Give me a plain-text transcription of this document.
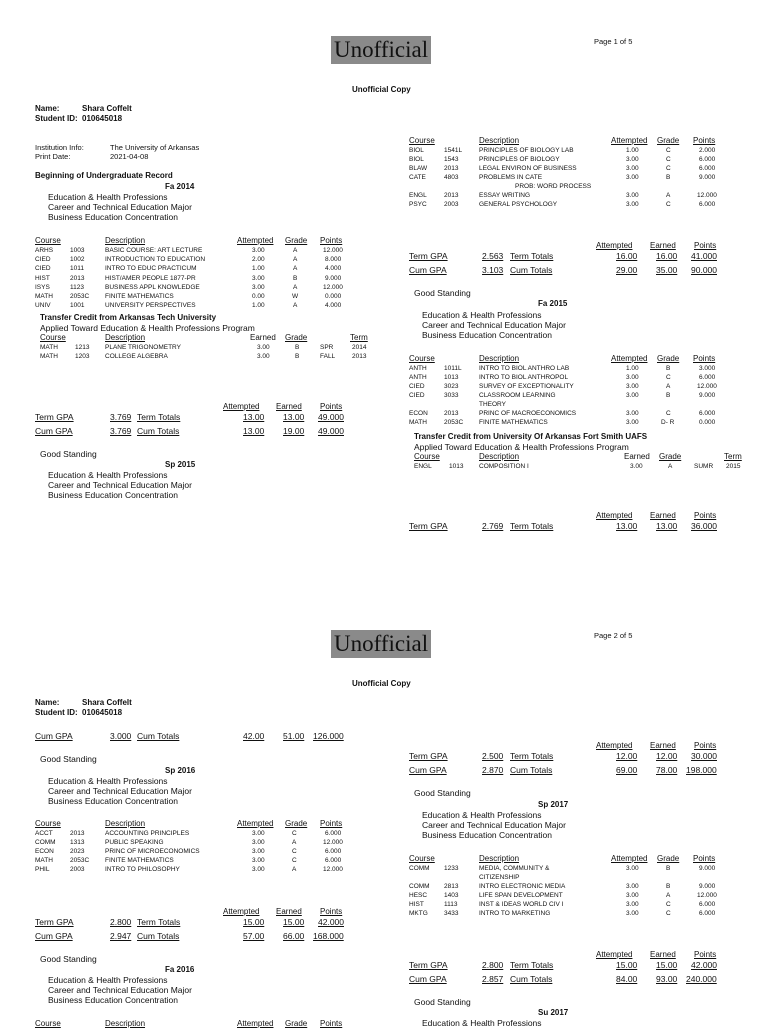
Unofficial	Page 1 of 5
Unofficial Copy
Name:	Shara Coffelt
Student ID: 010645018
Institution Info:	The University of Arkansas
Print Date:	2021-04-08
Beginning of Undergraduate Record
Fa 2014
Education & Health Professions
Career and Technical Education Major
Business Education Concentration
Course	Description	Attempted Grade Points
ARHS	1003	BASIC COURSE: ART LECTURE	3.00	A	12.000
CIED	1002	INTRODUCTION TO EDUCATION	2.00	A	8.000
CIED	1011	INTRO TO EDUC PRACTICUM	1.00	A	4.000
HIST	2013	HIST/AMER PEOPLE 1877-PR	3.00	B	9.000
ISYS	1123	BUSINESS APPL KNOWLEDGE	3.00	A	12.000
MATH	2053C FINITE MATHEMATICS	0.00	W	0.000
UNIV	1001	UNIVERSITY PERSPECTIVES	1.00	A	4.000
Transfer Credit from Arkansas Tech University
Applied Toward Education & Health Professions Program
Course	Description	Earned Grade	Term
MATH	1213 PLANE TRIGONOMETRY	3.00	B	SPR	2014
MATH	1203 COLLEGE ALGEBRA	3.00	B	FALL	2013
Attempted Earned Points
Term GPA	3.769 Term Totals	13.00 13.00 49.000
Cum GPA	3.769 Cum Totals	13.00 19.00 49.000
Good Standing
Sp 2015
Education & Health Professions
Career and Technical Education Major
Business Education Concentration
Course	Description	Attempted Grade Points
BIOL	1541L	PRINCIPLES OF BIOLOGY LAB	1.00	C	2.000
BIOL	1543	PRINCIPLES OF BIOLOGY	3.00	C	6.000
BLAW	2013	LEGAL ENVIRON OF BUSINESS	3.00	C	6.000
CATE	4803	PROBLEMS IN CATE	3.00	B	9.000
PROB: WORD PROCESS
ENGL	2013	ESSAY WRITING	3.00	A	12.000
PSYC	2003	GENERAL PSYCHOLOGY	3.00	C	6.000
Attempted Earned Points
Term GPA	2.563 Term Totals	16.00 16.00 41.000
Cum GPA	3.103 Cum Totals	29.00 35.00 90.000
Good Standing
Fa 2015
Education & Health Professions
Career and Technical Education Major
Business Education Concentration
Course	Description	Attempted Grade Points
ANTH	1011L	INTRO TO BIOL ANTHRO LAB	1.00	B	3.000
ANTH	1013	INTRO TO BIOL ANTHROPOL	3.00	C	6.000
CIED	3023	SURVEY OF EXCEPTIONALITY	3.00	A	12.000
CIED	3033	CLASSROOM LEARNING	3.00	B	9.000
THEORY
ECON 2013	PRINC OF MACROECONOMICS	3.00	C	6.000
MATH	2053C FINITE MATHEMATICS	3.00	D- R	0.000
Transfer Credit from University Of Arkansas Fort Smith UAFS
Applied Toward Education & Health Professions Program
Course	Description	Earned Grade	Term
ENGL	1013 COMPOSITION I	3.00	A	SUMR 2015
Attempted Earned Points
Term GPA	2.769 Term Totals	13.00 13.00 36.000
Unofficial	Page 2 of 5
Unofficial Copy
Name:	Shara Coffelt
Student ID: 010645018
Cum GPA	3.000 Cum Totals	42.00 51.00 126.000
Good Standing
Sp 2016
Education & Health Professions
Career and Technical Education Major
Business Education Concentration
Course	Description	Attempted Grade Points
ACCT	2013	ACCOUNTING PRINCIPLES	3.00	C	6.000
COMM 1313	PUBLIC SPEAKING	3.00	A	12.000
ECON 2023	PRINC OF MICROECONOMICS	3.00	C	6.000
MATH	2053C FINITE MATHEMATICS	3.00	C	6.000
PHIL	2003	INTRO TO PHILOSOPHY	3.00	A	12.000
Attempted Earned Points
Term GPA	2.800 Term Totals	15.00 15.00 42.000
Cum GPA	2.947 Cum Totals	57.00 66.00 168.000
Good Standing
Fa 2016
Education & Health Professions
Career and Technical Education Major
Business Education Concentration
Course	Description	Attempted Grade Points
Attempted Earned Points
Term GPA	2.500 Term Totals	12.00 12.00 30.000
Cum GPA	2.870 Cum Totals	69.00 78.00 198.000
Good Standing
Sp 2017
Education & Health Professions
Career and Technical Education Major
Business Education Concentration
Course	Description	Attempted Grade Points
COMM 1233	MEDIA, COMMUNITY &	3.00	B	9.000
CITIZENSHIP
COMM 2813	INTRO ELECTRONIC MEDIA	3.00	B	9.000
HESC	1403	LIFE SPAN DEVELOPMENT	3.00	A	12.000
HIST	1113	INST & IDEAS WORLD CIV I	3.00	C	6.000
MKTG 3433	INTRO TO MARKETING	3.00	C	6.000
Attempted Earned Points
Term GPA	2.800 Term Totals	15.00 15.00 42.000
Cum GPA	2.857 Cum Totals	84.00 93.00 240.000
Good Standing
Su 2017
Education & Health Professions
